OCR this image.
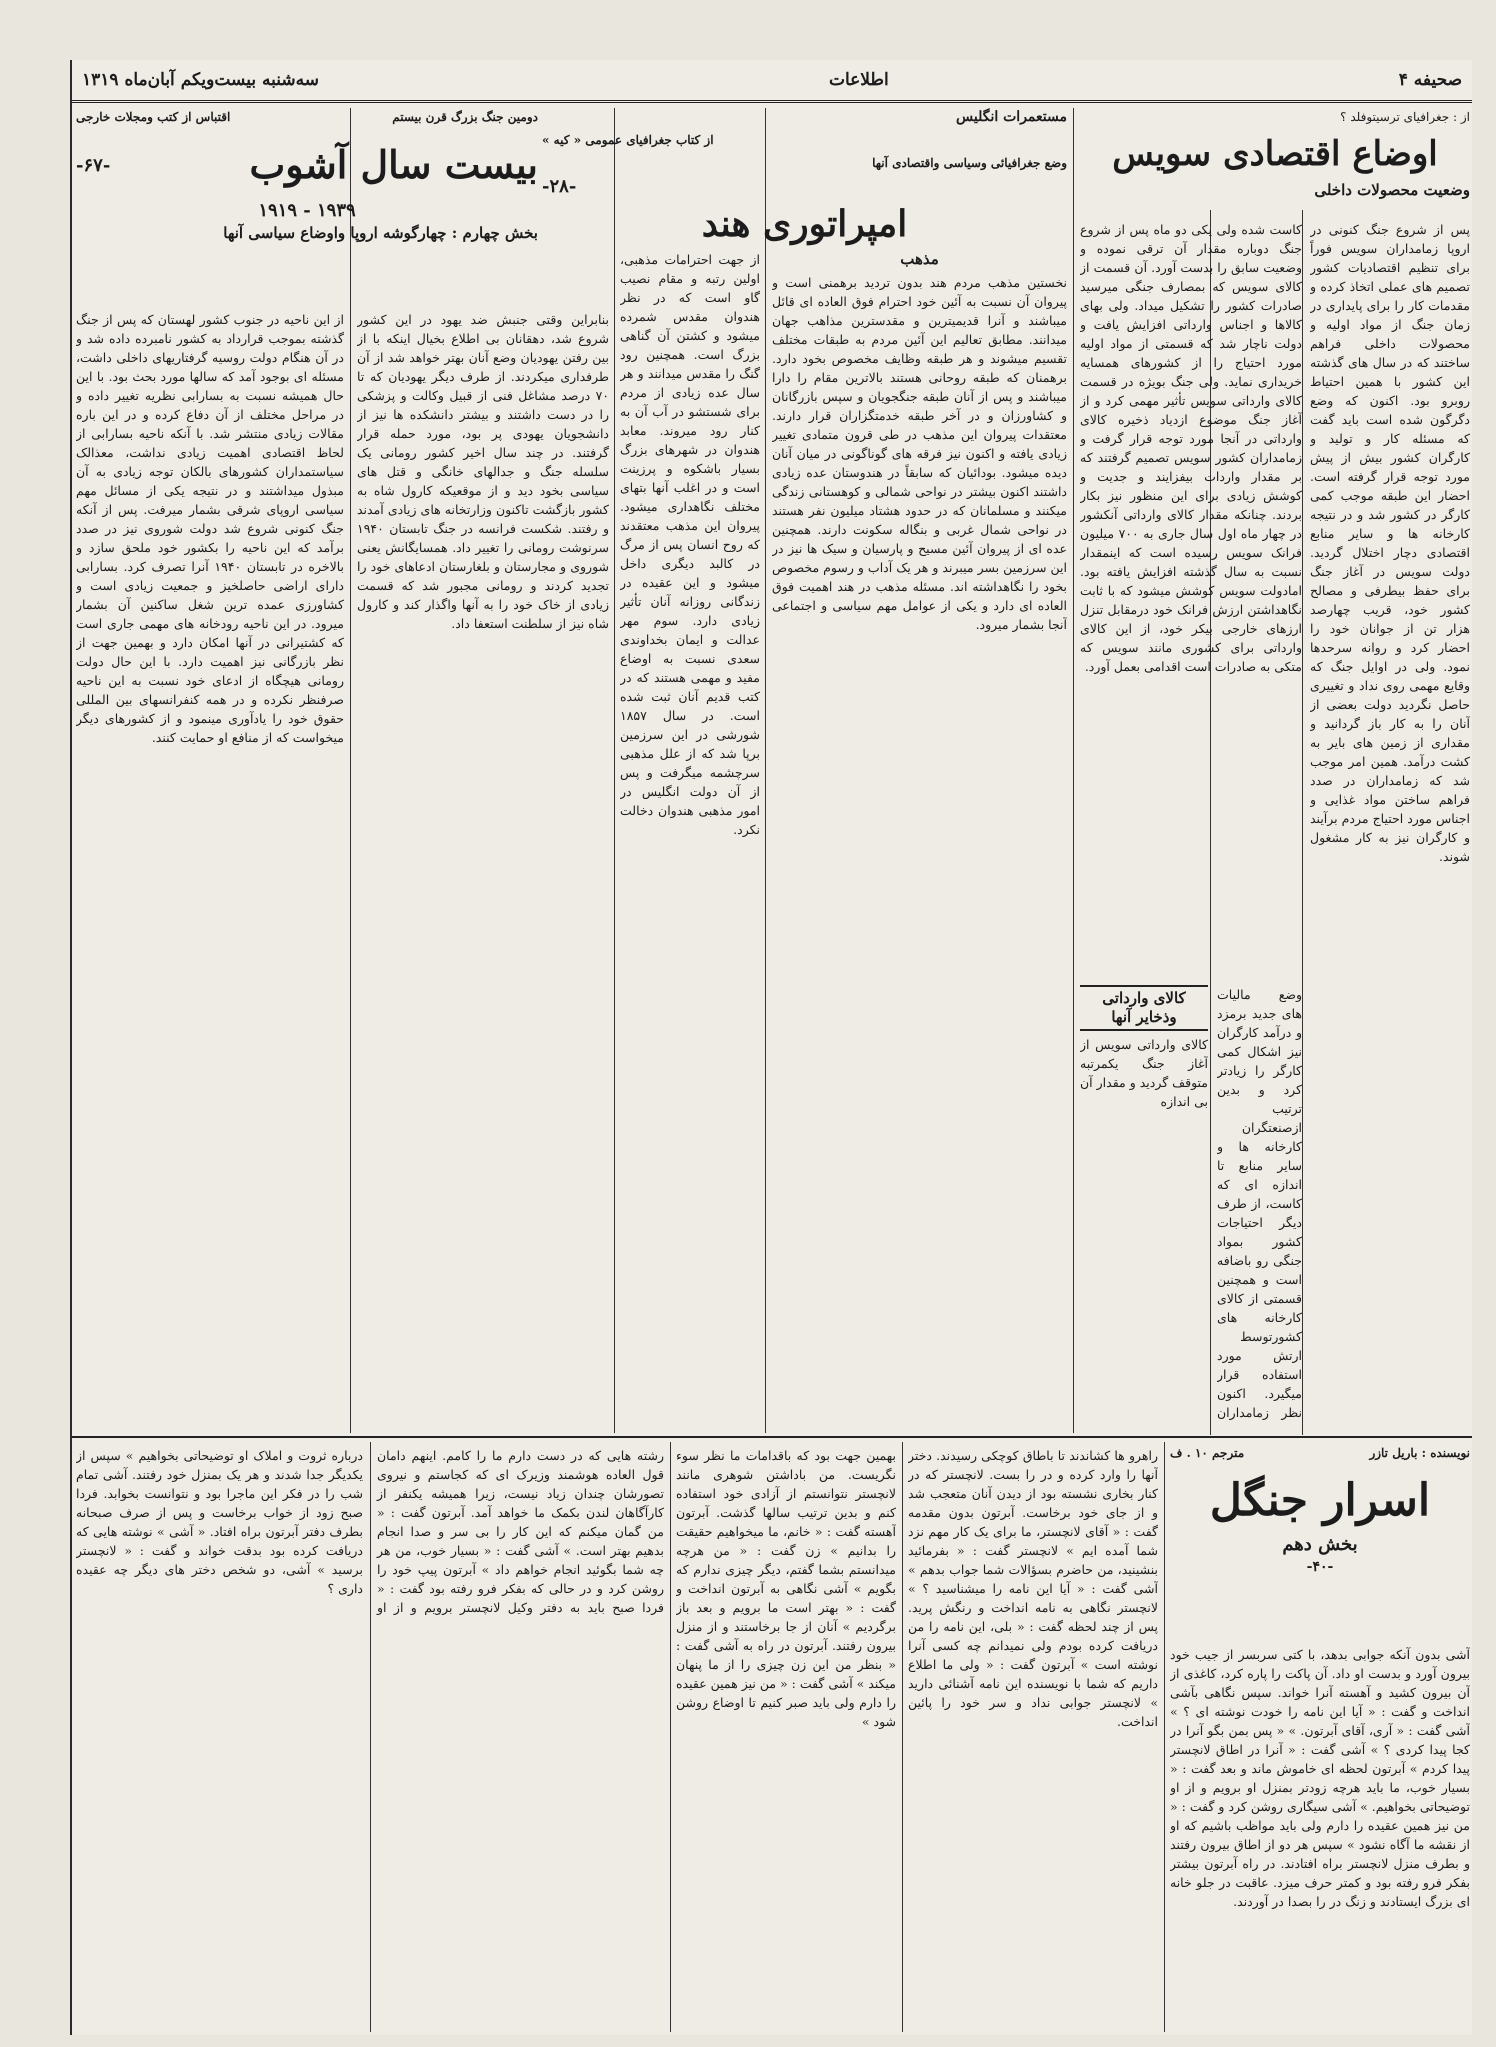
صحیفه ۴
اطلاعات
سه‌شنبه بیست‌ویکم آبان‌ماه ۱۳۱۹

از : جغرافیای ترسیتوفلد ؟

اوضاع اقتصادی سویس

وضعیت محصولات داخلی

پس از شروع جنگ کنونی در اروپا زمامداران سویس فوراً برای تنظیم اقتصادیات کشور تصمیم های عملی اتخاذ کرده و مقدمات کار را برای پایداری در زمان جنگ از مواد اولیه و محصولات داخلی فراهم ساختند که در سال های گذشته این کشور با همین احتیاط روبرو بود. اکنون که وضع دگرگون شده است باید گفت که مسئله کار و تولید و کارگران کشور بیش از پیش مورد توجه قرار گرفته است. احضار این طبقه موجب کمی کارگر در کشور شد و در نتیجه کارخانه ها و سایر منابع اقتصادی دچار اختلال گردید. دولت سویس در آغاز جنگ برای حفظ بیطرفی و مصالح کشور خود، قریب چهارصد هزار تن از جوانان خود را احضار کرد و روانه سرحدها نمود. ولی در اوایل جنگ که وقایع مهمی روی نداد و تغییری حاصل نگردید دولت بعضی از آنان را به کار باز گردانید و مقداری از زمین های بایر به کشت درآمد. همین امر موجب شد که زمامداران در صدد فراهم ساختن مواد غذایی و اجناس مورد احتیاج مردم برآیند و کارگران نیز به کار مشغول شوند.

کاست شده ولی یکی دو ماه پس از شروع جنگ دوباره مقدار آن ترقی نموده و وضعیت سابق را بدست آورد. آن قسمت از کالای سویس که بمصارف جنگی میرسید صادرات کشور را تشکیل میداد. ولی بهای کالاها و اجناس وارداتی افزایش یافت و دولت ناچار شد که قسمتی از مواد اولیه مورد احتیاج را از کشورهای همسایه خریداری نماید. ولی جنگ بویژه در قسمت کالای وارداتی سویس تأثیر مهمی کرد و از آغاز جنگ موضوع ازدیاد ذخیره کالای وارداتی در آنجا مورد توجه قرار گرفت و زمامداران کشور سویس تصمیم گرفتند که بر مقدار واردات بیفزایند و جدیت و کوشش زیادی برای این منظور نیز بکار بردند. چنانکه مقدار کالای وارداتی آنکشور در چهار ماه اول سال جاری به ۷۰۰ میلیون فرانک سویس رسیده است که اینمقدار نسبت به سال گذشته افزایش یافته بود. امادولت سویس کوشش میشود که با ثابت نگاهداشتن ارزش فرانک خود درمقابل تنزل ارزهای خارجی بیکر خود، از این کالای وارداتی برای کشوری مانند سویس که متکی به صادرات است اقدامی بعمل آورد.

وضع مالیات های جدید برمزد و درآمد کارگران نیز اشکال کمی کارگر را زیادتر کرد و بدین ترتیب ازصنعتگران کارخانه ها و سایر منابع تا اندازه ای که کاست، از طرف دیگر احتیاجات کشور بمواد جنگی رو باضافه است و همچنین قسمتی از کالای کارخانه های کشورتوسط ارتش مورد استفاده قرار میگیرد. اکنون نظر زمامداران

کالای وارداتی وذخایر آنها

کالای وارداتی سویس از آغاز جنگ یکمرتبه متوقف گردید و مقدار آن بی اندازه

مستعمرات انگلیس

از کتاب جغرافیای عمومی « کیه »

وضع جغرافیائی وسیاسی واقتصادی آنها

-۲۸-

امپراتوری هند

مذهب

نخستین مذهب مردم هند بدون تردید برهمنی است و پیروان آن نسبت به آئین خود احترام فوق العاده ای قائل میباشند و آنرا قدیمیترین و مقدسترین مذاهب جهان میدانند. مطابق تعالیم این آئین مردم به طبقات مختلف تقسیم میشوند و هر طبقه وظایف مخصوص بخود دارد. برهمنان که طبقه روحانی هستند بالاترین مقام را دارا میباشند و پس از آنان طبقه جنگجویان و سپس بازرگانان و کشاورزان و در آخر طبقه خدمتگزاران قرار دارند. معتقدات پیروان این مذهب در طی قرون متمادی تغییر زیادی یافته و اکنون نیز فرقه های گوناگونی در میان آنان دیده میشود. بودائیان که سابقاً در هندوستان عده زیادی داشتند اکنون بیشتر در نواحی شمالی و کوهستانی زندگی میکنند و مسلمانان که در حدود هشتاد میلیون نفر هستند در نواحی شمال غربی و بنگاله سکونت دارند. همچنین عده ای از پیروان آئین مسیح و پارسیان و سیک ها نیز در این سرزمین بسر میبرند و هر یک آداب و رسوم مخصوص بخود را نگاهداشته اند. مسئله مذهب در هند اهمیت فوق العاده ای دارد و یکی از عوامل مهم سیاسی و اجتماعی آنجا بشمار میرود.

از جهت احترامات مذهبی، اولین رتبه و مقام نصیب گاو است که در نظر هندوان مقدس شمرده میشود و کشتن آن گناهی بزرگ است. همچنین رود گنگ را مقدس میدانند و هر سال عده زیادی از مردم برای شستشو در آب آن به کنار رود میروند. معابد هندوان در شهرهای بزرگ بسیار باشکوه و پرزینت است و در اغلب آنها بتهای مختلف نگاهداری میشود. پیروان این مذهب معتقدند که روح انسان پس از مرگ در کالبد دیگری داخل میشود و این عقیده در زندگانی روزانه آنان تأثیر زیادی دارد. سوم مهر عدالت و ایمان بخداوندی سعدی نسبت به اوضاع مفید و مهمی هستند که در کتب قدیم آنان ثبت شده است. در سال ۱۸۵۷ شورشی در این سرزمین برپا شد که از علل مذهبی سرچشمه میگرفت و پس از آن دولت انگلیس در امور مذهبی هندوان دخالت نکرد.

دومین جنگ بزرگ قرن بیستم
اقتباس از کتب ومجلات خارجی
بیست سال آشوب
-۶۷-

۱۹۳۹ - ۱۹۱۹

بخش چهارم : چهارگوشه اروپا واوضاع سیاسی آنها

از این ناحیه در جنوب کشور لهستان که پس از جنگ گذشته بموجب قرارداد به کشور نامبرده داده شد و در آن هنگام دولت روسیه گرفتاریهای داخلی داشت، مسئله ای بوجود آمد که سالها مورد بحث بود. با این حال همیشه نسبت به بسارابی نظریه تغییر داده و در مراحل مختلف از آن دفاع کرده و در این باره مقالات زیادی منتشر شد. با آنکه ناحیه بسارابی از لحاظ اقتصادی اهمیت زیادی نداشت، معذالک سیاستمداران کشورهای بالکان توجه زیادی به آن مبذول میداشتند و در نتیجه یکی از مسائل مهم سیاسی اروپای شرقی بشمار میرفت. پس از آنکه جنگ کنونی شروع شد دولت شوروی نیز در صدد برآمد که این ناحیه را بکشور خود ملحق سازد و بالاخره در تابستان ۱۹۴۰ آنرا تصرف کرد. بسارابی دارای اراضی حاصلخیز و جمعیت زیادی است و کشاورزی عمده ترین شغل ساکنین آن بشمار میرود. در این ناحیه رودخانه های مهمی جاری است که کشتیرانی در آنها امکان دارد و بهمین جهت از نظر بازرگانی نیز اهمیت دارد. با این حال دولت رومانی هیچگاه از ادعای خود نسبت به این ناحیه صرفنظر نکرده و در همه کنفرانسهای بین المللی حقوق خود را یادآوری مینمود و از کشورهای دیگر میخواست که از منافع او حمایت کنند.

بنابراین وقتی جنبش ضد یهود در این کشور شروع شد، دهقانان بی اطلاع بخیال اینکه با از بین رفتن یهودیان وضع آنان بهتر خواهد شد از آن طرفداری میکردند. از طرف دیگر یهودیان که تا ۷۰ درصد مشاغل فنی از قبیل وکالت و پزشکی را در دست داشتند و بیشتر دانشکده ها نیز از دانشجویان یهودی پر بود، مورد حمله قرار گرفتند. در چند سال اخیر کشور رومانی یک سلسله جنگ و جدالهای خانگی و قتل های سیاسی بخود دید و از موقعیکه کارول شاه به کشور بازگشت تاکنون وزارتخانه های زیادی آمدند و رفتند. شکست فرانسه در جنگ تابستان ۱۹۴۰ سرنوشت رومانی را تغییر داد. همسایگانش یعنی شوروی و مجارستان و بلغارستان ادعاهای خود را تجدید کردند و رومانی مجبور شد که قسمت زیادی از خاک خود را به آنها واگذار کند و کارول شاه نیز از سلطنت استعفا داد.

نویسنده : باریل تازر
مترجم ۱۰ . ف

اسرار جنگل

بخش دهم

-۴۰-

آشی بدون آنکه جوابی بدهد، با کتی سربسر از جیب خود بیرون آورد و بدست او داد. آن پاکت را پاره کرد، کاغذی از آن بیرون کشید و آهسته آنرا خواند. سپس نگاهی بآشی انداخت و گفت : « آیا این نامه را خودت نوشته ای ؟ » آشی گفت : « آری، آقای آبرتون. » « پس بمن بگو آنرا در کجا پیدا کردی ؟ » آشی گفت : « آنرا در اطاق لانچستر پیدا کردم » آبرتون لحظه ای خاموش ماند و بعد گفت : « بسیار خوب، ما باید هرچه زودتر بمنزل او برویم و از او توضیحاتی بخواهیم. » آشی سیگاری روشن کرد و گفت : « من نیز همین عقیده را دارم ولی باید مواظب باشیم که او از نقشه ما آگاه نشود » سپس هر دو از اطاق بیرون رفتند و بطرف منزل لانچستر براه افتادند. در راه آبرتون بیشتر بفکر فرو رفته بود و کمتر حرف میزد. عاقبت در جلو خانه ای بزرگ ایستادند و زنگ در را بصدا در آوردند.

راهرو ها کشاندند تا باطاق کوچکی رسیدند. دختر آنها را وارد کرده و در را بست. لانچستر که در کنار بخاری نشسته بود از دیدن آنان متعجب شد و از جای خود برخاست. آبرتون بدون مقدمه گفت : « آقای لانچستر، ما برای یک کار مهم نزد شما آمده ایم » لانچستر گفت : « بفرمائید بنشینید، من حاضرم بسؤالات شما جواب بدهم » آشی گفت : « آیا این نامه را میشناسید ؟ » لانچستر نگاهی به نامه انداخت و رنگش پرید. پس از چند لحظه گفت : « بلی، این نامه را من دریافت کرده بودم ولی نمیدانم چه کسی آنرا نوشته است » آبرتون گفت : « ولی ما اطلاع داریم که شما با نویسنده این نامه آشنائی دارید » لانچستر جوابی نداد و سر خود را پائین انداخت.

بهمین جهت بود که باقدامات ما نظر سوء نگریست. من باداشتن شوهری مانند لانچستر نتوانستم از آزادی خود استفاده کنم و بدین ترتیب سالها گذشت. آبرتون آهسته گفت : « خانم، ما میخواهیم حقیقت را بدانیم » زن گفت : « من هرچه میدانستم بشما گفتم، دیگر چیزی ندارم که بگویم » آشی نگاهی به آبرتون انداخت و گفت : « بهتر است ما برویم و بعد باز برگردیم » آنان از جا برخاستند و از منزل بیرون رفتند. آبرتون در راه به آشی گفت : « بنظر من این زن چیزی را از ما پنهان میکند » آشی گفت : « من نیز همین عقیده را دارم ولی باید صبر کنیم تا اوضاع روشن شود »

رشته هایی که در دست دارم ما را کامم. اینهم دامان قول العاده هوشمند وزیرک ای که کجاستم و نیروی تصورشان چندان زیاد نیست، زیرا همیشه یکنفر از کارآگاهان لندن بکمک ما خواهد آمد. آبرتون گفت : « من گمان میکنم که این کار را بی سر و صدا انجام بدهیم بهتر است. » آشی گفت : « بسیار خوب، من هر چه شما بگوئید انجام خواهم داد » آبرتون پیپ خود را روشن کرد و در حالی که بفکر فرو رفته بود گفت : « فردا صبح باید به دفتر وکیل لانچستر برویم و از او درباره ثروت و املاک او توضیحاتی بخواهیم » سپس از یکدیگر جدا شدند و هر یک بمنزل خود رفتند. آشی تمام شب را در فکر این ماجرا بود و نتوانست بخوابد. فردا صبح زود از خواب برخاست و پس از صرف صبحانه بطرف دفتر آبرتون براه افتاد. « آشی » نوشته هایی که دریافت کرده بود بدقت خواند و گفت : « لانچستر برسید » آشی، دو شخص دختر های دیگر چه عقیده داری ؟
